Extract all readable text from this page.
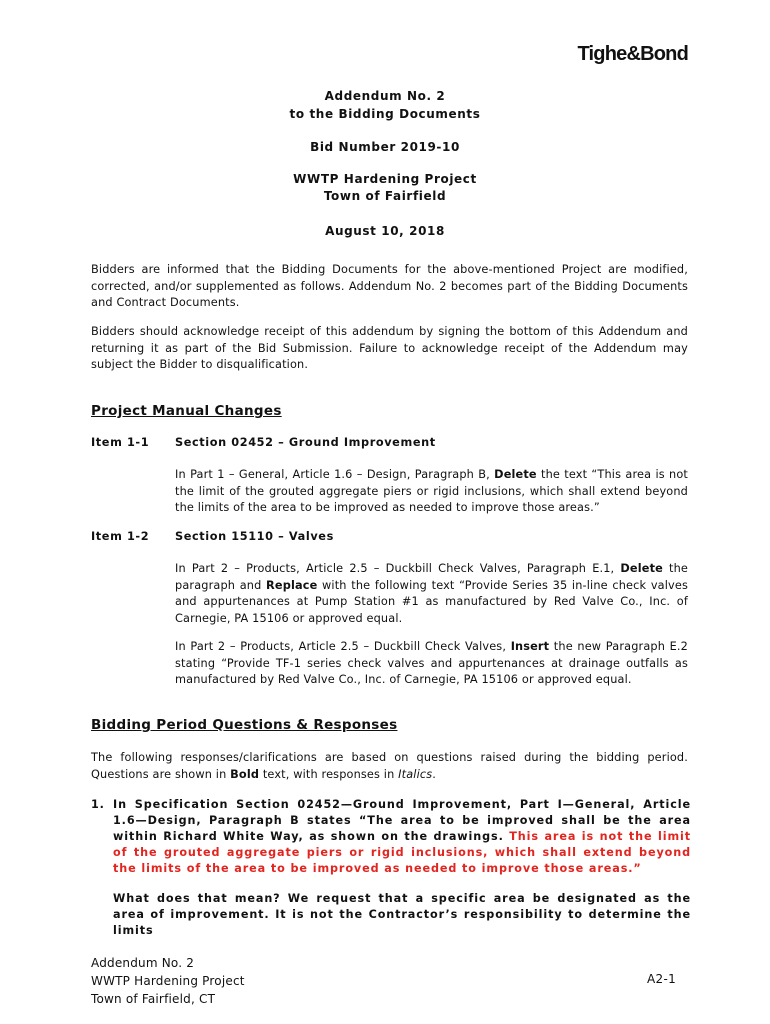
Tighe&Bond
Addendum No. 2
to the Bidding Documents
Bid Number 2019-10
WWTP Hardening Project
Town of Fairfield
August 10, 2018
Bidders are informed that the Bidding Documents for the above-mentioned Project are modified, corrected, and/or supplemented as follows. Addendum No. 2 becomes part of the Bidding Documents and Contract Documents.
Bidders should acknowledge receipt of this addendum by signing the bottom of this Addendum and returning it as part of the Bid Submission. Failure to acknowledge receipt of the Addendum may subject the Bidder to disqualification.
Project Manual Changes
Item 1-1 Section 02452 – Ground Improvement
In Part 1 – General, Article 1.6 – Design, Paragraph B, Delete the text “This area is not the limit of the grouted aggregate piers or rigid inclusions, which shall extend beyond the limits of the area to be improved as needed to improve those areas.”
Item 1-2 Section 15110 – Valves
In Part 2 – Products, Article 2.5 – Duckbill Check Valves, Paragraph E.1, Delete the paragraph and Replace with the following text “Provide Series 35 in-line check valves and appurtenances at Pump Station #1 as manufactured by Red Valve Co., Inc. of Carnegie, PA 15106 or approved equal.
In Part 2 – Products, Article 2.5 – Duckbill Check Valves, Insert the new Paragraph E.2 stating “Provide TF-1 series check valves and appurtenances at drainage outfalls as manufactured by Red Valve Co., Inc. of Carnegie, PA 15106 or approved equal.
Bidding Period Questions & Responses
The following responses/clarifications are based on questions raised during the bidding period. Questions are shown in Bold text, with responses in Italics.
1. In Specification Section 02452—Ground Improvement, Part I—General, Article 1.6—Design, Paragraph B states “The area to be improved shall be the area within Richard White Way, as shown on the drawings. This area is not the limit of the grouted aggregate piers or rigid inclusions, which shall extend beyond the limits of the area to be improved as needed to improve those areas.”
What does that mean? We request that a specific area be designated as the area of improvement. It is not the Contractor’s responsibility to determine the limits
Addendum No. 2
WWTP Hardening Project
Town of Fairfield, CT
A2-1
